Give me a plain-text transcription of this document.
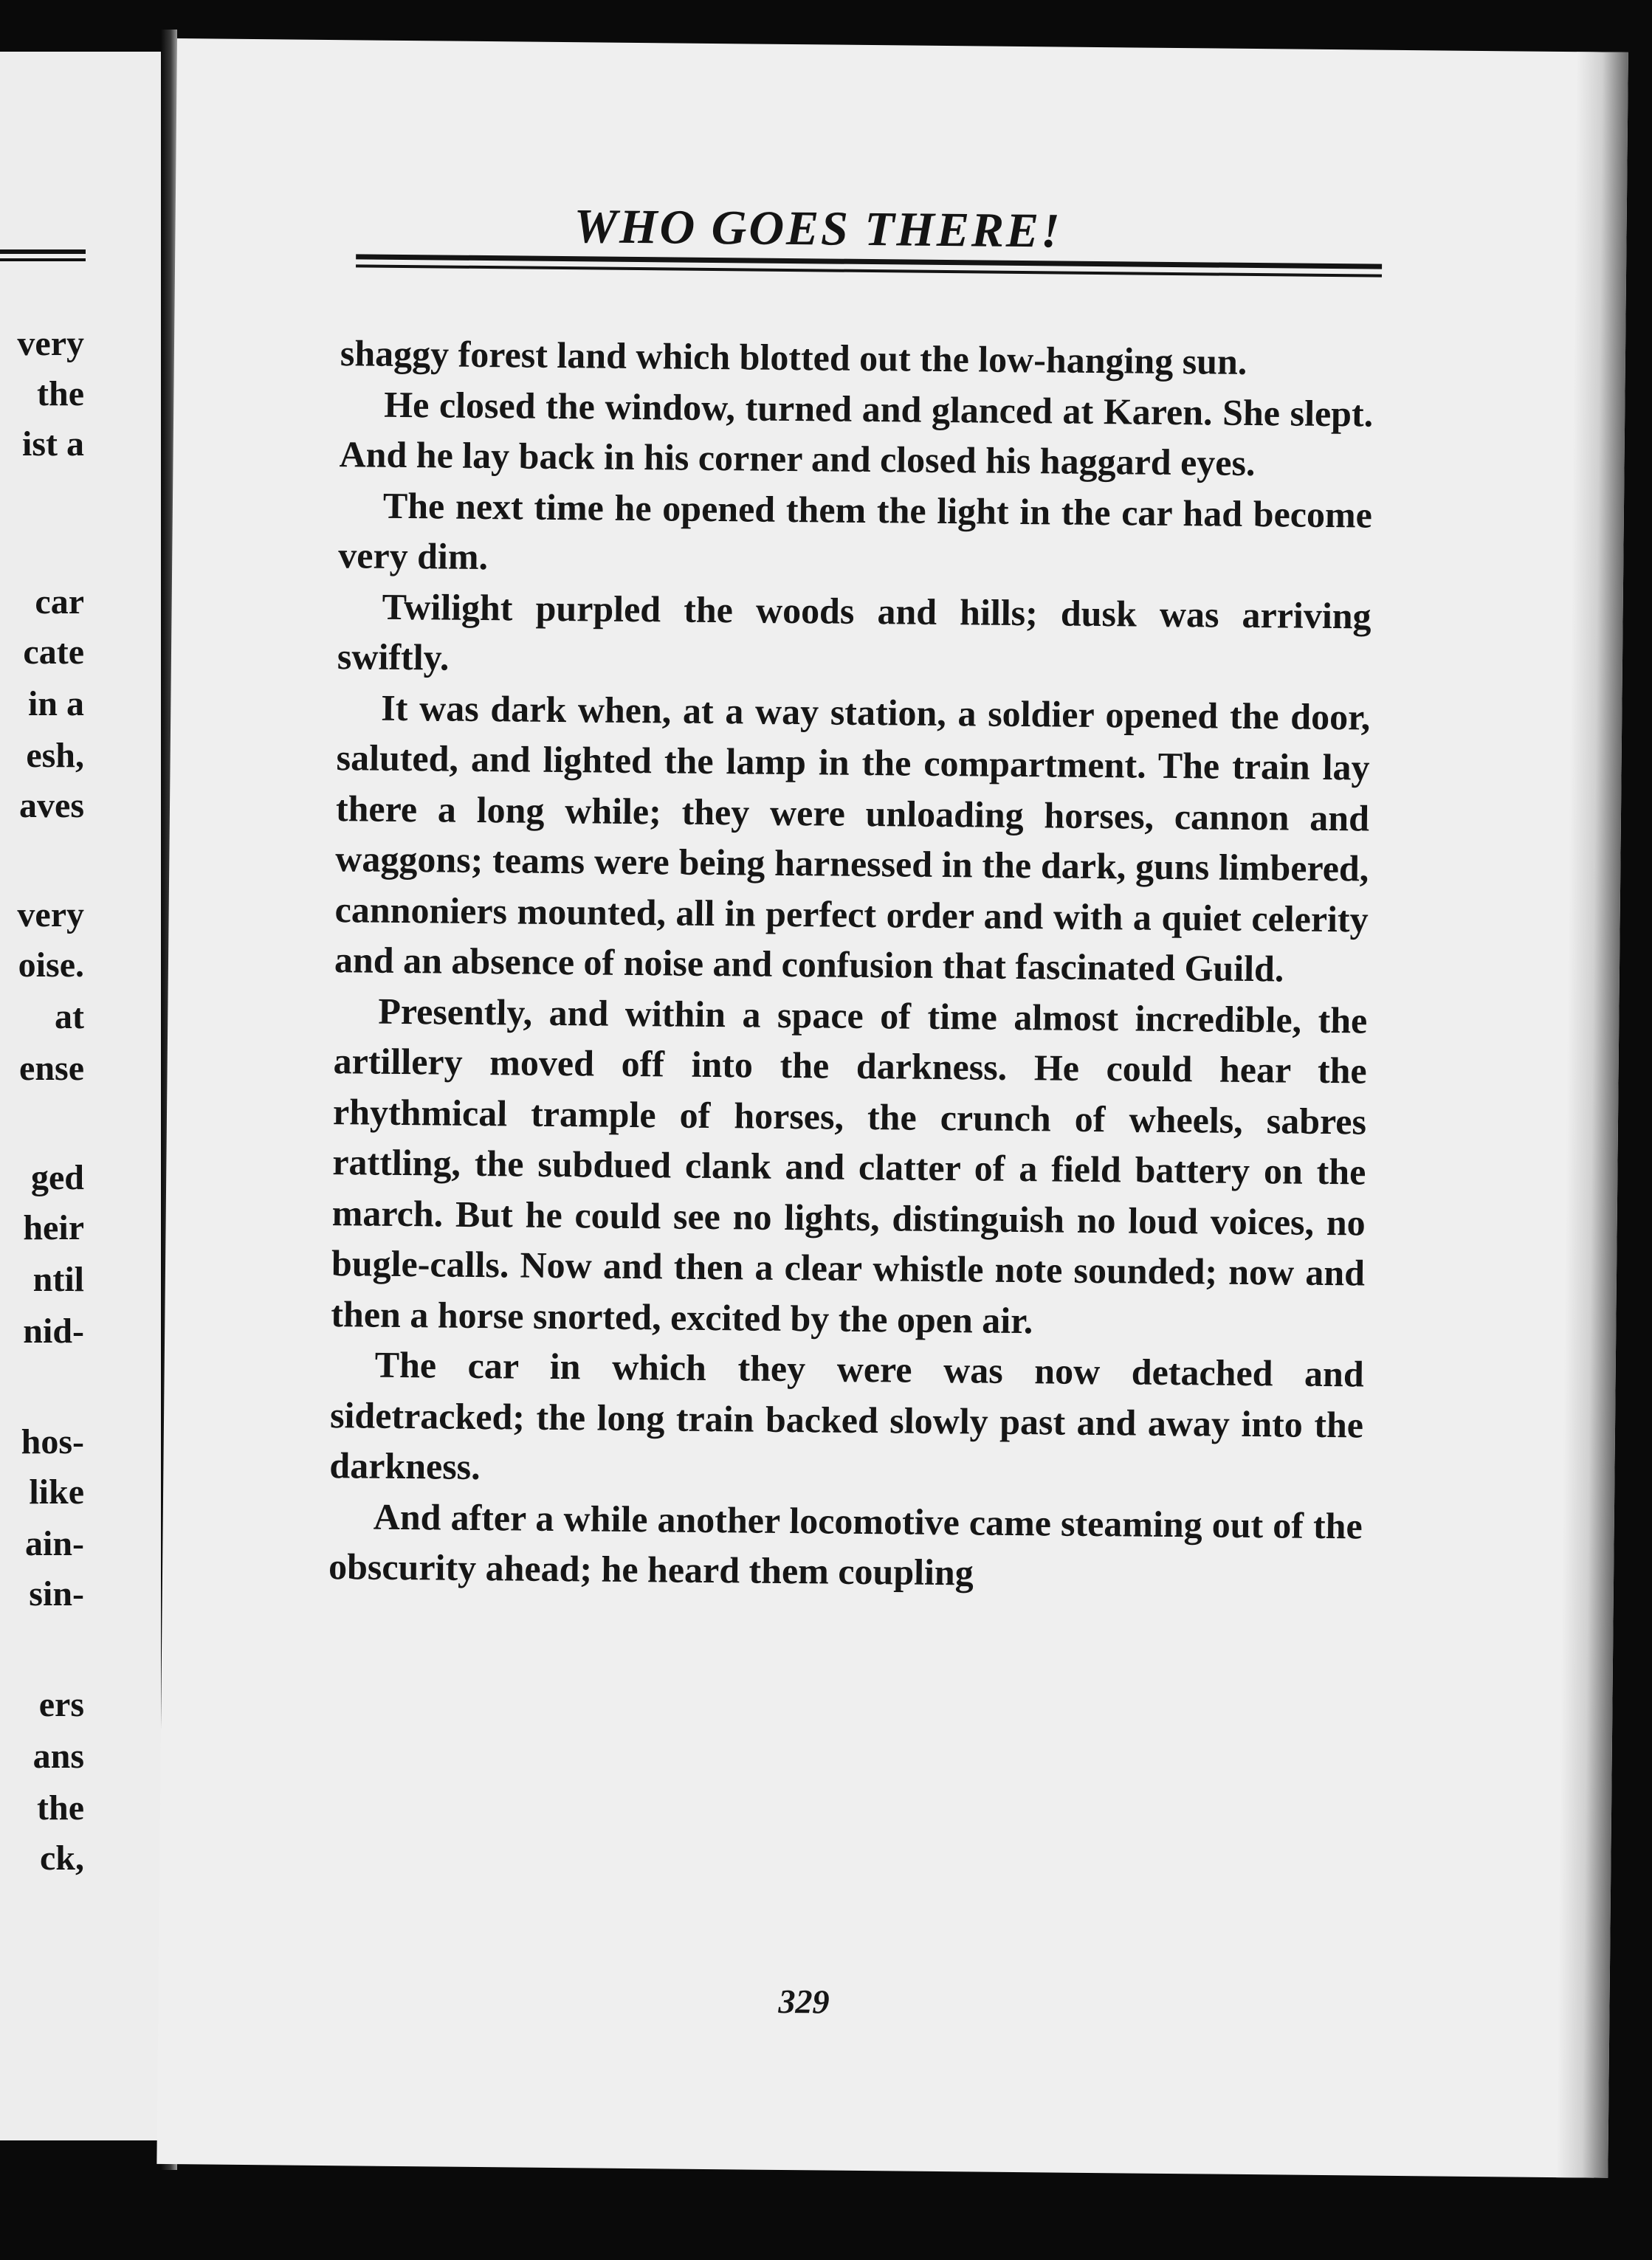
very
the
ist a
car
cate
in a
esh,
aves
very
oise.
at
ense
ged
heir
ntil
nid-
hos-
like
ain-
sin-
ers
ans
the
ck,
WHO GOES THERE!

shaggy forest land which blotted out the low-hanging sun.

He closed the window, turned and glanced at Karen. She slept. And he lay back in his corner and closed his haggard eyes.

The next time he opened them the light in the car had become very dim.

Twilight purpled the woods and hills; dusk was arriving swiftly.

It was dark when, at a way station, a soldier opened the door, saluted, and lighted the lamp in the compartment. The train lay there a long while; they were unloading horses, cannon and waggons; teams were being harnessed in the dark, guns limbered, cannoniers mounted, all in perfect order and with a quiet celerity and an absence of noise and confusion that fascinated Guild.

Presently, and within a space of time almost incredible, the artillery moved off into the darkness. He could hear the rhythmical trample of horses, the crunch of wheels, sabres rattling, the subdued clank and clatter of a field battery on the march. But he could see no lights, distinguish no loud voices, no bugle-calls. Now and then a clear whistle note sounded; now and then a horse snorted, excited by the open air.

The car in which they were was now detached and sidetracked; the long train backed slowly past and away into the darkness.

And after a while another locomotive came steaming out of the obscurity ahead; he heard them coupling

329
